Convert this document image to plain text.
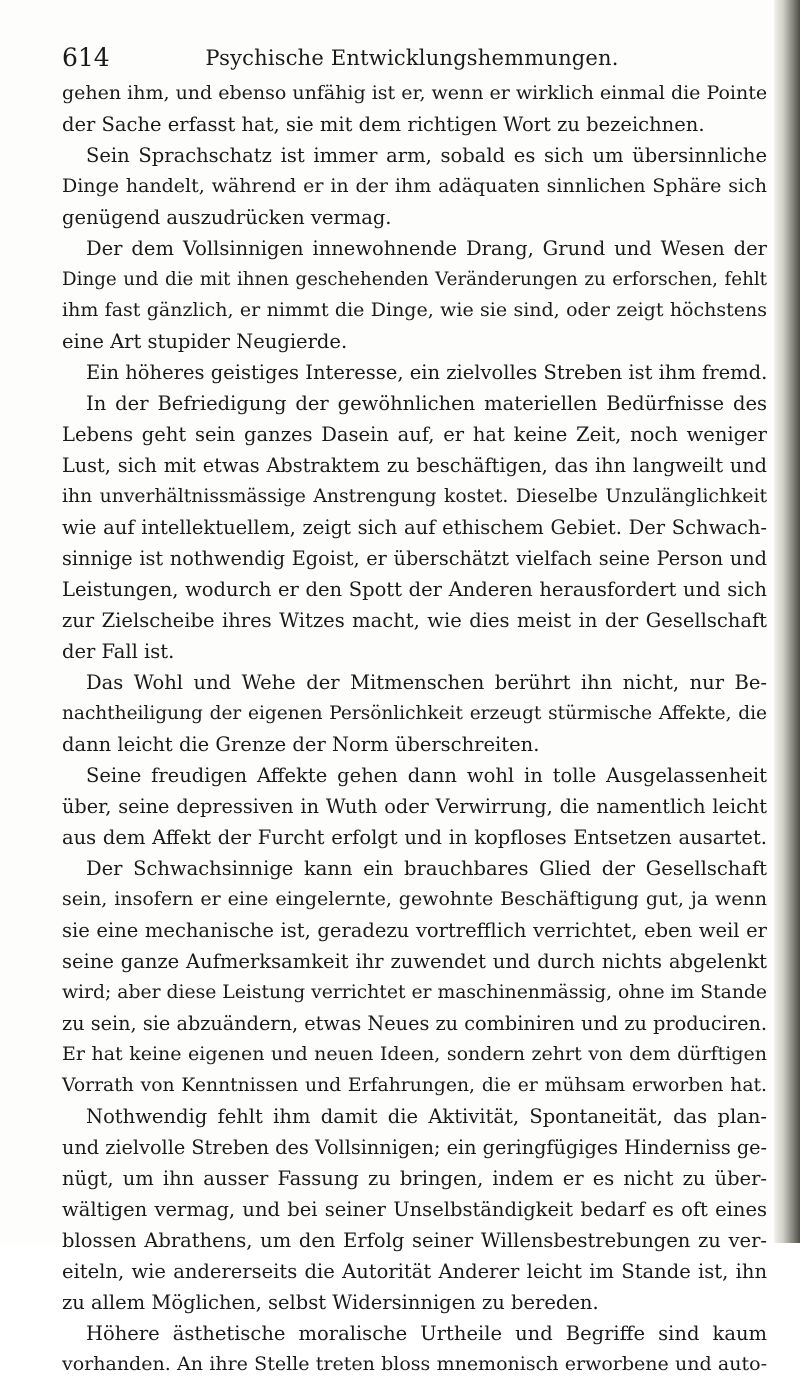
614	Psychische Entwicklungshemmungen.
gehen ihm, und ebenso unfähig ist er, wenn er wirklich einmal die Pointe
der Sache erfasst hat, sie mit dem richtigen Wort zu bezeichnen.
Sein Sprachschatz ist immer arm, sobald es sich um übersinnliche
Dinge handelt, während er in der ihm adäquaten sinnlichen Sphäre sich
genügend auszudrücken vermag.
Der dem Vollsinnigen innewohnende Drang, Grund und Wesen der
Dinge und die mit ihnen geschehenden Veränderungen zu erforschen, fehlt
ihm fast gänzlich, er nimmt die Dinge, wie sie sind, oder zeigt höchstens
eine Art stupider Neugierde.
Ein höheres geistiges Interesse, ein zielvolles Streben ist ihm fremd.
In der Befriedigung der gewöhnlichen materiellen Bedürfnisse des
Lebens geht sein ganzes Dasein auf, er hat keine Zeit, noch weniger
Lust, sich mit etwas Abstraktem zu beschäftigen, das ihn langweilt und
ihn unverhältnissmässige Anstrengung kostet. Dieselbe Unzulänglichkeit
wie auf intellektuellem, zeigt sich auf ethischem Gebiet. Der Schwach-
sinnige ist nothwendig Egoist, er überschätzt vielfach seine Person und
Leistungen, wodurch er den Spott der Anderen herausfordert und sich
zur Zielscheibe ihres Witzes macht, wie dies meist in der Gesellschaft
der Fall ist.
Das Wohl und Wehe der Mitmenschen berührt ihn nicht, nur Be-
nachtheiligung der eigenen Persönlichkeit erzeugt stürmische Affekte, die
dann leicht die Grenze der Norm überschreiten.
Seine freudigen Affekte gehen dann wohl in tolle Ausgelassenheit
über, seine depressiven in Wuth oder Verwirrung, die namentlich leicht
aus dem Affekt der Furcht erfolgt und in kopfloses Entsetzen ausartet.
Der Schwachsinnige kann ein brauchbares Glied der Gesellschaft
sein, insofern er eine eingelernte, gewohnte Beschäftigung gut, ja wenn
sie eine mechanische ist, geradezu vortrefflich verrichtet, eben weil er
seine ganze Aufmerksamkeit ihr zuwendet und durch nichts abgelenkt
wird; aber diese Leistung verrichtet er maschinenmässig, ohne im Stande
zu sein, sie abzuändern, etwas Neues zu combiniren und zu produciren.
Er hat keine eigenen und neuen Ideen, sondern zehrt von dem dürftigen
Vorrath von Kenntnissen und Erfahrungen, die er mühsam erworben hat.
Nothwendig fehlt ihm damit die Aktivität, Spontaneität, das plan-
und zielvolle Streben des Vollsinnigen; ein geringfügiges Hinderniss ge-
nügt, um ihn ausser Fassung zu bringen, indem er es nicht zu über-
wältigen vermag, und bei seiner Unselbständigkeit bedarf es oft eines
blossen Abrathens, um den Erfolg seiner Willensbestrebungen zu ver-
eiteln, wie andererseits die Autorität Anderer leicht im Stande ist, ihn
zu allem Möglichen, selbst Widersinnigen zu bereden.
Höhere ästhetische moralische Urtheile und Begriffe sind kaum
vorhanden. An ihre Stelle treten bloss mnemonisch erworbene und auto-
